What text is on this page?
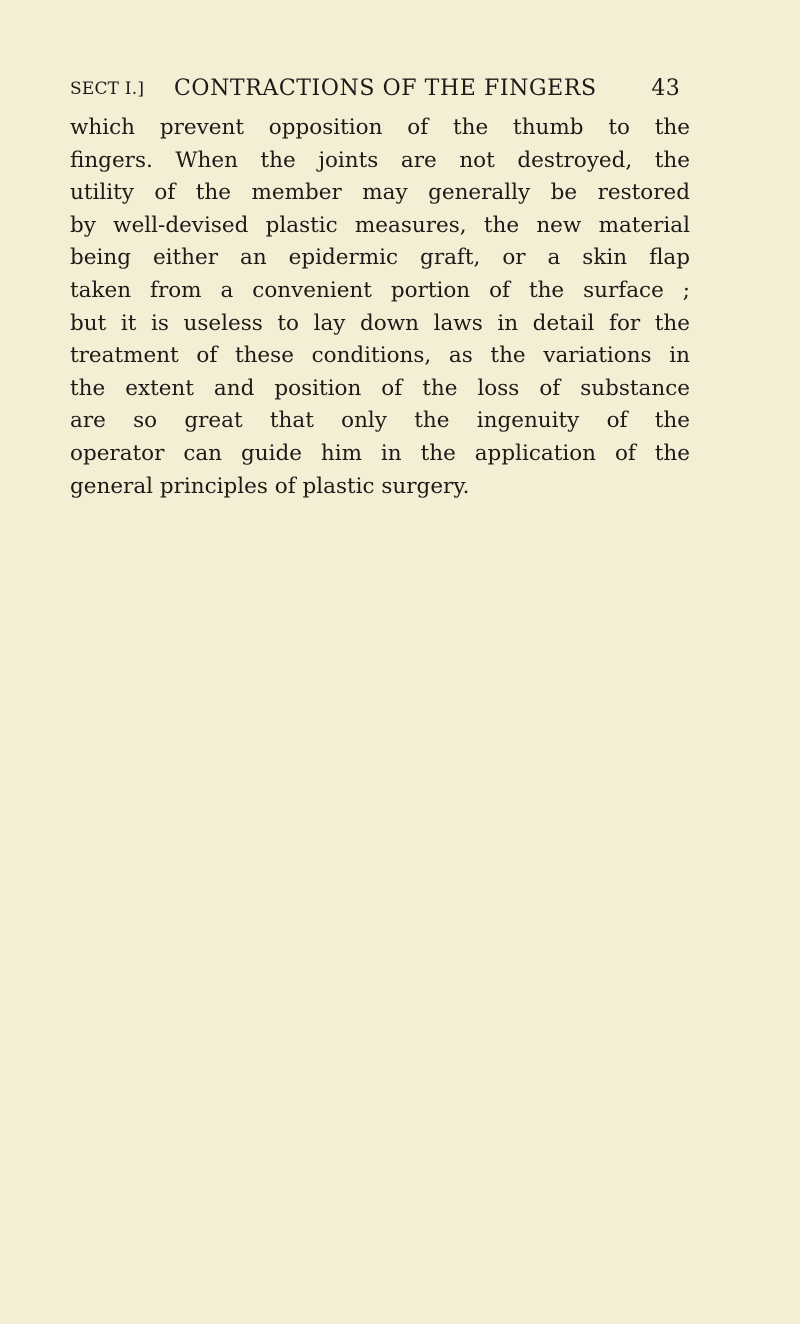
SECT I.] CONTRACTIONS OF THE FINGERS 43
which prevent opposition of the thumb to the
fingers. When the joints are not destroyed, the
utility of the member may generally be restored
by well-devised plastic measures, the new material
being either an epidermic graft, or a skin flap
taken from a convenient portion of the surface ;
but it is useless to lay down laws in detail for the
treatment of these conditions, as the variations in
the extent and position of the loss of substance
are so great that only the ingenuity of the
operator can guide him in the application of the
general principles of plastic surgery.
